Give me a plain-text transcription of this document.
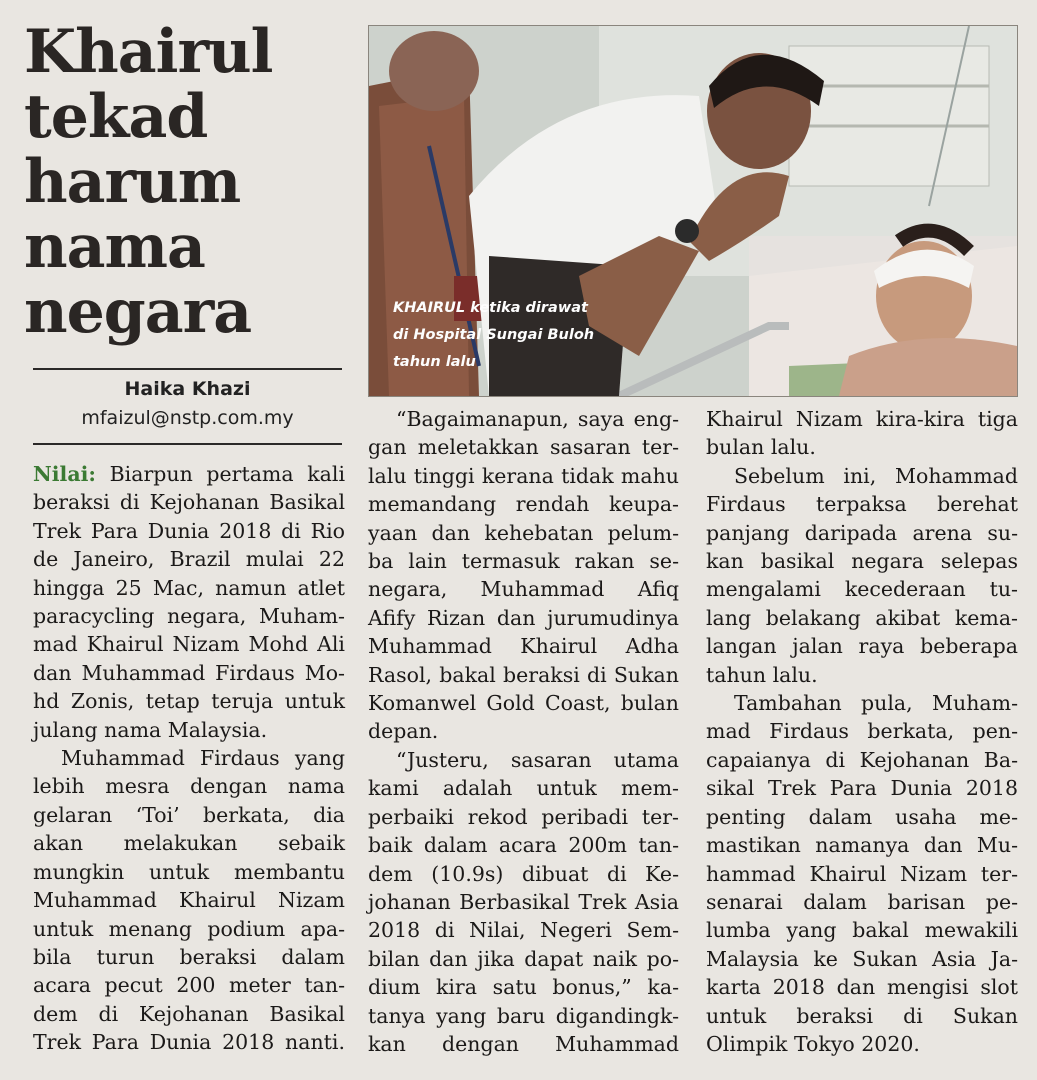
Khairul
tekad
harum
nama
negara
Haika Khazi
mfaizul@nstp.com.my
KHAIRUL ketika dirawat
di Hospital Sungai Buloh
tahun lalu

Nilai: Biarpun pertama kali
beraksi di Kejohanan Basikal
Trek Para Dunia 2018 di Rio
de Janeiro, Brazil mulai 22
hingga 25 Mac, namun atlet
paracycling negara, Muham-
mad Khairul Nizam Mohd Ali
dan Muhammad Firdaus Mo-
hd Zonis, tetap teruja untuk
julang nama Malaysia.

Muhammad Firdaus yang
lebih mesra dengan nama
gelaran ‘Toi’ berkata, dia
akan melakukan sebaik
mungkin untuk membantu
Muhammad Khairul Nizam
untuk menang podium apa-
bila turun beraksi dalam
acara pecut 200 meter tan-
dem di Kejohanan Basikal
Trek Para Dunia 2018 nanti.

“Bagaimanapun, saya eng-
gan meletakkan sasaran ter-
lalu tinggi kerana tidak mahu
memandang rendah keupa-
yaan dan kehebatan pelum-
ba lain termasuk rakan se-
negara, Muhammad Afiq
Afify Rizan dan jurumudinya
Muhammad Khairul Adha
Rasol, bakal beraksi di Sukan
Komanwel Gold Coast, bulan
depan.

“Justeru, sasaran utama
kami adalah untuk mem-
perbaiki rekod peribadi ter-
baik dalam acara 200m tan-
dem (10.9s) dibuat di Ke-
johanan Berbasikal Trek Asia
2018 di Nilai, Negeri Sem-
bilan dan jika dapat naik po-
dium kira satu bonus,” ka-
tanya yang baru digandingk-
kan dengan Muhammad

Khairul Nizam kira-kira tiga
bulan lalu.

Sebelum ini, Mohammad
Firdaus terpaksa berehat
panjang daripada arena su-
kan basikal negara selepas
mengalami kecederaan tu-
lang belakang akibat kema-
langan jalan raya beberapa
tahun lalu.

Tambahan pula, Muham-
mad Firdaus berkata, pen-
capaianya di Kejohanan Ba-
sikal Trek Para Dunia 2018
penting dalam usaha me-
mastikan namanya dan Mu-
hammad Khairul Nizam ter-
senarai dalam barisan pe-
lumba yang bakal mewakili
Malaysia ke Sukan Asia Ja-
karta 2018 dan mengisi slot
untuk beraksi di Sukan
Olimpik Tokyo 2020.
